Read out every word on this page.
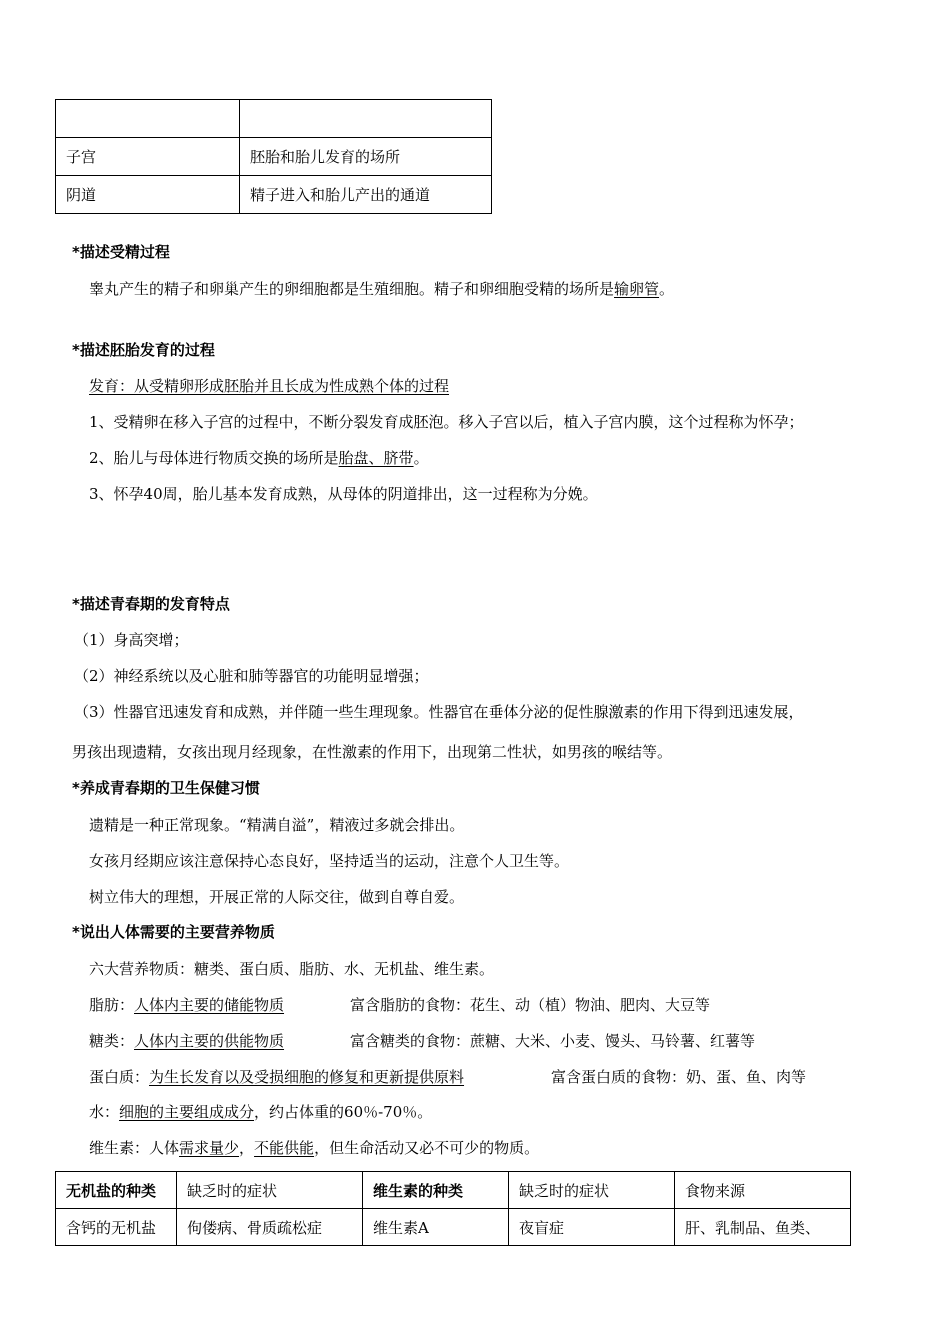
子宫	胚胎和胎儿发育的场所
阴道	精子进入和胎儿产出的通道
*描述受精过程
睾丸产生的精子和卵巢产生的卵细胞都是生殖细胞。精子和卵细胞受精的场所是输卵管。
*描述胚胎发育的过程
发育：从受精卵形成胚胎并且长成为性成熟个体的过程
1、受精卵在移入子宫的过程中，不断分裂发育成胚泡。移入子宫以后，植入子宫内膜，这个过程称为怀孕；
2、胎儿与母体进行物质交换的场所是胎盘、脐带。
3、怀孕40周，胎儿基本发育成熟，从母体的阴道排出，这一过程称为分娩。
*描述青春期的发育特点
（1）身高突增；
（2）神经系统以及心脏和肺等器官的功能明显增强；
（3）性器官迅速发育和成熟，并伴随一些生理现象。性器官在垂体分泌的促性腺激素的作用下得到迅速发展，
男孩出现遗精，女孩出现月经现象，在性激素的作用下，出现第二性状，如男孩的喉结等。
*养成青春期的卫生保健习惯
遗精是一种正常现象。“精满自溢”，精液过多就会排出。
女孩月经期应该注意保持心态良好，坚持适当的运动，注意个人卫生等。
树立伟大的理想，开展正常的人际交往，做到自尊自爱。
*说出人体需要的主要营养物质
六大营养物质：糖类、蛋白质、脂肪、水、无机盐、维生素。
脂肪：人体内主要的储能物质	富含脂肪的食物：花生、动（植）物油、肥肉、大豆等
糖类：人体内主要的供能物质	富含糖类的食物：蔗糖、大米、小麦、馒头、马铃薯、红薯等
蛋白质：为生长发育以及受损细胞的修复和更新提供原料	富含蛋白质的食物：奶、蛋、鱼、肉等
水：细胞的主要组成成分，约占体重的60％-70％。
维生素：人体需求量少，不能供能，但生命活动又必不可少的物质。
无机盐的种类	缺乏时的症状	维生素的种类	缺乏时的症状	食物来源
含钙的无机盐	佝偻病、骨质疏松症	维生素A	夜盲症	肝、乳制品、鱼类、
